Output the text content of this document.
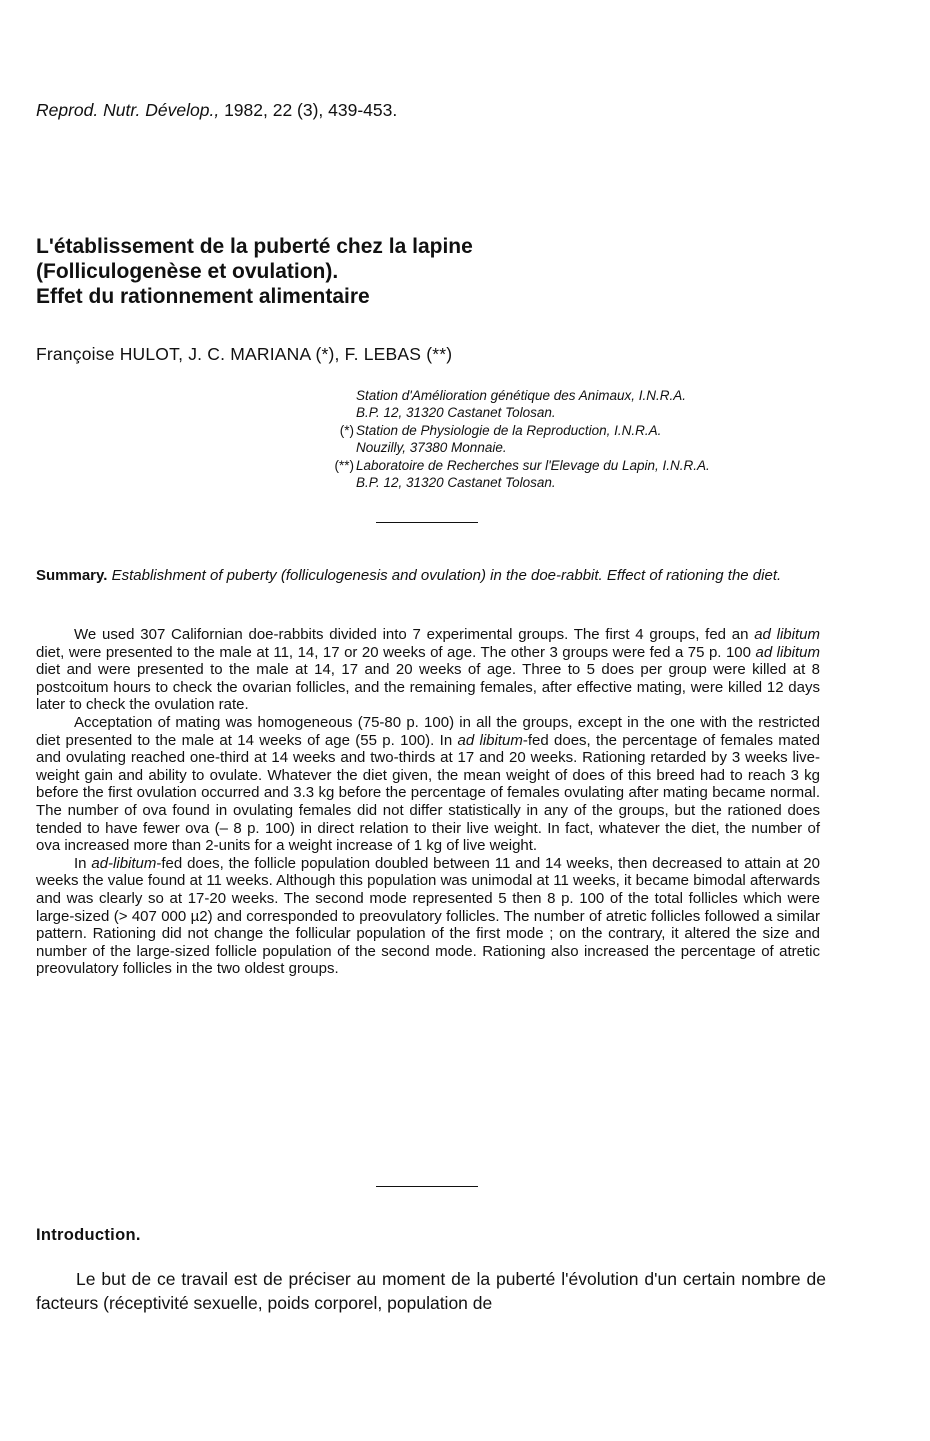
Reprod. Nutr. Dévelop., 1982, 22 (3), 439-453.
L'établissement de la puberté chez la lapine
(Folliculogenèse et ovulation).
Effet du rationnement alimentaire
Françoise HULOT, J. C. MARIANA (*), F. LEBAS (**)
Station d'Amélioration génétique des Animaux, I.N.R.A.
B.P. 12, 31320 Castanet Tolosan.
(*) Station de Physiologie de la Reproduction, I.N.R.A.
Nouzilly, 37380 Monnaie.
(**) Laboratoire de Recherches sur l'Elevage du Lapin, I.N.R.A.
B.P. 12, 31320 Castanet Tolosan.
Summary. Establishment of puberty (folliculogenesis and ovulation) in the doe-rabbit. Effect of rationing the diet.

We used 307 Californian doe-rabbits divided into 7 experimental groups. The first 4 groups, fed an ad libitum diet, were presented to the male at 11, 14, 17 or 20 weeks of age. The other 3 groups were fed a 75 p. 100 ad libitum diet and were presented to the male at 14, 17 and 20 weeks of age. Three to 5 does per group were killed at 8 postcoitum hours to check the ovarian follicles, and the remaining females, after effective mating, were killed 12 days later to check the ovulation rate.

Acceptation of mating was homogeneous (75-80 p. 100) in all the groups, except in the one with the restricted diet presented to the male at 14 weeks of age (55 p. 100). In ad libitum-fed does, the percentage of females mated and ovulating reached one-third at 14 weeks and two-thirds at 17 and 20 weeks. Rationing retarded by 3 weeks live-weight gain and ability to ovulate. Whatever the diet given, the mean weight of does of this breed had to reach 3 kg before the first ovulation occurred and 3.3 kg before the percentage of females ovulating after mating became normal. The number of ova found in ovulating females did not differ statistically in any of the groups, but the rationed does tended to have fewer ova (– 8 p. 100) in direct relation to their live weight. In fact, whatever the diet, the number of ova increased more than 2-units for a weight increase of 1 kg of live weight.

In ad-libitum-fed does, the follicle population doubled between 11 and 14 weeks, then decreased to attain at 20 weeks the value found at 11 weeks. Although this population was unimodal at 11 weeks, it became bimodal afterwards and was clearly so at 17-20 weeks. The second mode represented 5 then 8 p. 100 of the total follicles which were large-sized (> 407 000 µ2) and corresponded to preovulatory follicles. The number of atretic follicles followed a similar pattern. Rationing did not change the follicular population of the first mode ; on the contrary, it altered the size and number of the large-sized follicle population of the second mode. Rationing also increased the percentage of atretic preovulatory follicles in the two oldest groups.

Introduction.

Le but de ce travail est de préciser au moment de la puberté l'évolution d'un certain nombre de facteurs (réceptivité sexuelle, poids corporel, population de
